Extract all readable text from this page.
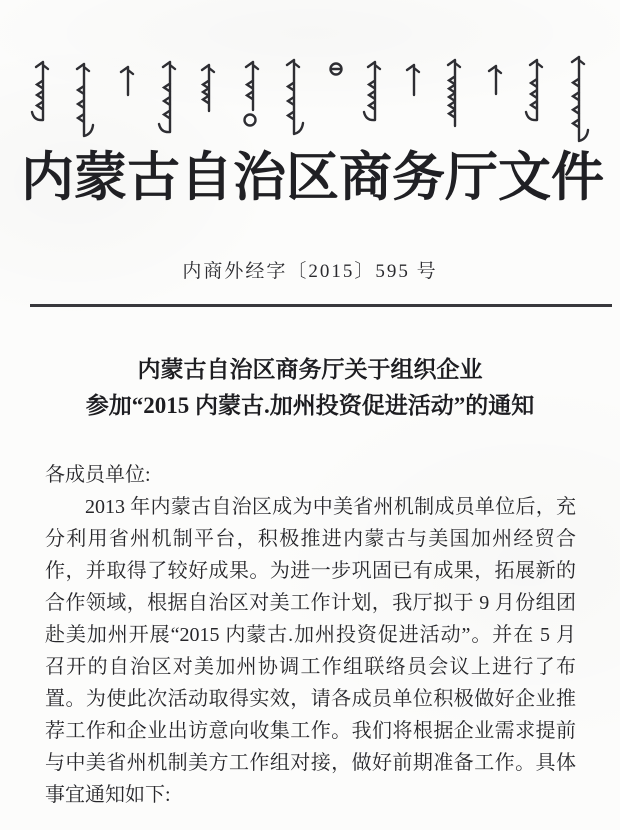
内 蒙 古 自 治 区 商 务 厅 文 件
内商外经字〔2015〕595 号
内蒙古自治区商务厅关于组织企业
参加“2015 内蒙古.加州投资促进活动”的通知
各成员单位:
2013 年内蒙古自治区成为中美省州机制成员单位后，充
分利用省州机制平台，积极推进内蒙古与美国加州经贸合
作，并取得了较好成果。为进一步巩固已有成果，拓展新的
合作领域，根据自治区对美工作计划，我厅拟于 9 月份组团
赴美加州开展“2015 内蒙古.加州投资促进活动”。并在 5 月
召开的自治区对美加州协调工作组联络员会议上进行了布
置。为使此次活动取得实效，请各成员单位积极做好企业推
荐工作和企业出访意向收集工作。我们将根据企业需求提前
与中美省州机制美方工作组对接，做好前期准备工作。具体
事宜通知如下:
